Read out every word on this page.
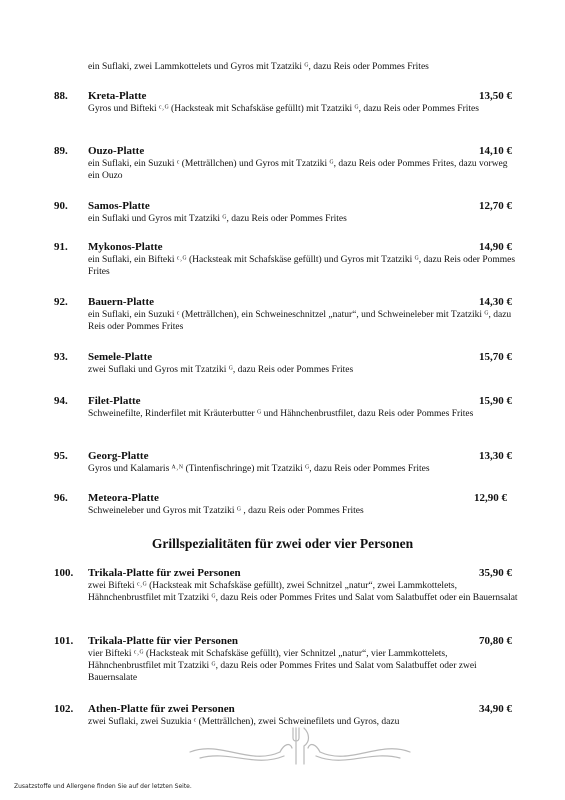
ein Suflaki, zwei Lammkottelets und Gyros mit Tzatziki ᴳ, dazu Reis oder Pommes Frites
88. Kreta-Platte	13,50 €
Gyros und Bifteki ᶜ˒ᴳ (Hacksteak mit Schafskäse gefüllt) mit Tzatziki ᴳ, dazu Reis oder Pommes Frites
89. Ouzo-Platte	14,10 €
ein Suflaki, ein Suzuki ᶜ (Metträllchen) und Gyros mit Tzatziki ᴳ, dazu Reis oder Pommes Frites, dazu vorweg ein Ouzo
90. Samos-Platte	12,70 €
ein Suflaki und Gyros mit Tzatziki ᴳ, dazu Reis oder Pommes Frites
91. Mykonos-Platte	14,90 €
ein Suflaki, ein Bifteki ᶜ˒ᴳ (Hacksteak mit Schafskäse gefüllt) und Gyros mit Tzatziki ᴳ, dazu Reis oder Pommes Frites
92. Bauern-Platte	14,30 €
ein Suflaki, ein Suzuki ᶜ (Metträllchen), ein Schweineschnitzel „natur“, und Schweineleber mit Tzatziki ᴳ, dazu Reis oder Pommes Frites
93. Semele-Platte	15,70 €
zwei Suflaki und Gyros mit Tzatziki ᴳ, dazu Reis oder Pommes Frites
94. Filet-Platte	15,90 €
Schweinefilte, Rinderfilet mit Kräuterbutter ᴳ und Hähnchenbrustfilet, dazu Reis oder Pommes Frites
95. Georg-Platte	13,30 €
Gyros und Kalamaris ᴬ˒ᴺ (Tintenfischringe) mit Tzatziki ᴳ, dazu Reis oder Pommes Frites
96. Meteora-Platte	12,90 €
Schweineleber und Gyros mit Tzatziki ᴳ , dazu Reis oder Pommes Frites
Grillspezialitäten für zwei oder vier Personen
100. Trikala-Platte für zwei Personen	35,90 €
zwei Bifteki ᶜ˒ᴳ (Hacksteak mit Schafskäse gefüllt), zwei Schnitzel „natur“, zwei Lammkottelets, Hähnchenbrustfilet mit Tzatziki ᴳ, dazu Reis oder Pommes Frites und Salat vom Salatbuffet oder ein Bauernsalat
101. Trikala-Platte für vier Personen	70,80 €
vier Bifteki ᶜ˒ᴳ (Hacksteak mit Schafskäse gefüllt), vier Schnitzel „natur“, vier Lammkottelets, Hähnchenbrustfilet mit Tzatziki ᴳ, dazu Reis oder Pommes Frites und Salat vom Salatbuffet oder zwei Bauernsalate
102. Athen-Platte für zwei Personen	34,90 €
zwei Suflaki, zwei Suzukia ᶜ (Metträllchen), zwei Schweinefilets und Gyros, dazu
Zusatzstoffe und Allergene finden Sie auf der letzten Seite.
